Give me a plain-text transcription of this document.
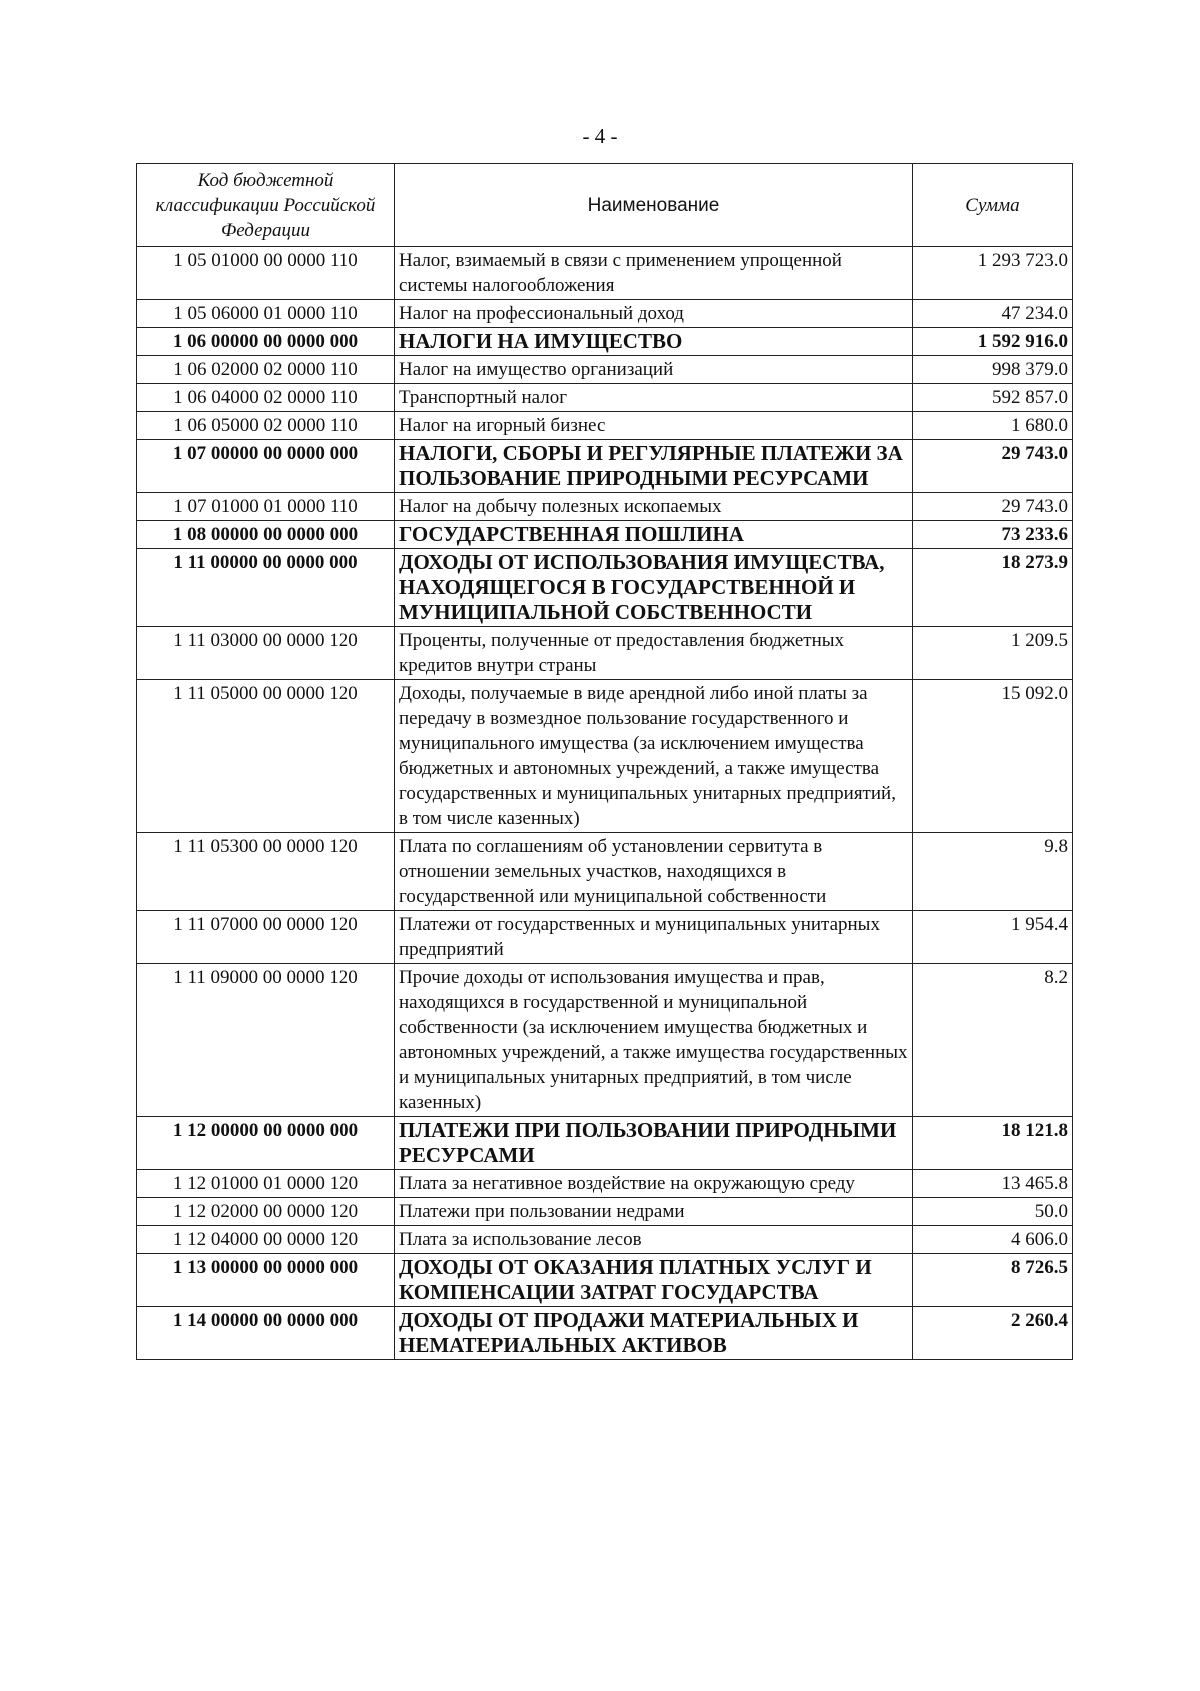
- 4 -
Код бюджетной классификации Российской Федерации	Наименование	Сумма
1 05 01000 00 0000 110	Налог, взимаемый в связи с применением упрощенной системы налогообложения	1 293 723.0
1 05 06000 01 0000 110	Налог на профессиональный доход	47 234.0
1 06 00000 00 0000 000	НАЛОГИ НА ИМУЩЕСТВО	1 592 916.0
1 06 02000 02 0000 110	Налог на имущество организаций	998 379.0
1 06 04000 02 0000 110	Транспортный налог	592 857.0
1 06 05000 02 0000 110	Налог на игорный бизнес	1 680.0
1 07 00000 00 0000 000	НАЛОГИ, СБОРЫ И РЕГУЛЯРНЫЕ ПЛАТЕЖИ ЗА ПОЛЬЗОВАНИЕ ПРИРОДНЫМИ РЕСУРСАМИ	29 743.0
1 07 01000 01 0000 110	Налог на добычу полезных ископаемых	29 743.0
1 08 00000 00 0000 000	ГОСУДАРСТВЕННАЯ ПОШЛИНА	73 233.6
1 11 00000 00 0000 000	ДОХОДЫ ОТ ИСПОЛЬЗОВАНИЯ ИМУЩЕСТВА, НАХОДЯЩЕГОСЯ В ГОСУДАРСТВЕННОЙ И МУНИЦИПАЛЬНОЙ СОБСТВЕННОСТИ	18 273.9
1 11 03000 00 0000 120	Проценты, полученные от предоставления бюджетных кредитов внутри страны	1 209.5
1 11 05000 00 0000 120	Доходы, получаемые в виде арендной либо иной платы за передачу в возмездное пользование государственного и муниципального имущества (за исключением имущества бюджетных и автономных учреждений, а также имущества государственных и муниципальных унитарных предприятий, в том числе казенных)	15 092.0
1 11 05300 00 0000 120	Плата по соглашениям об установлении сервитута в отношении земельных участков, находящихся в государственной или муниципальной собственности	9.8
1 11 07000 00 0000 120	Платежи от государственных и муниципальных унитарных предприятий	1 954.4
1 11 09000 00 0000 120	Прочие доходы от использования имущества и прав, находящихся в государственной и муниципальной собственности (за исключением имущества бюджетных и автономных учреждений, а также имущества государственных и муниципальных унитарных предприятий, в том числе казенных)	8.2
1 12 00000 00 0000 000	ПЛАТЕЖИ ПРИ ПОЛЬЗОВАНИИ ПРИРОДНЫМИ РЕСУРСАМИ	18 121.8
1 12 01000 01 0000 120	Плата за негативное воздействие на окружающую среду	13 465.8
1 12 02000 00 0000 120	Платежи при пользовании недрами	50.0
1 12 04000 00 0000 120	Плата за использование лесов	4 606.0
1 13 00000 00 0000 000	ДОХОДЫ ОТ ОКАЗАНИЯ ПЛАТНЫХ УСЛУГ И КОМПЕНСАЦИИ ЗАТРАТ ГОСУДАРСТВА	8 726.5
1 14 00000 00 0000 000	ДОХОДЫ ОТ ПРОДАЖИ МАТЕРИАЛЬНЫХ И НЕМАТЕРИАЛЬНЫХ АКТИВОВ	2 260.4
